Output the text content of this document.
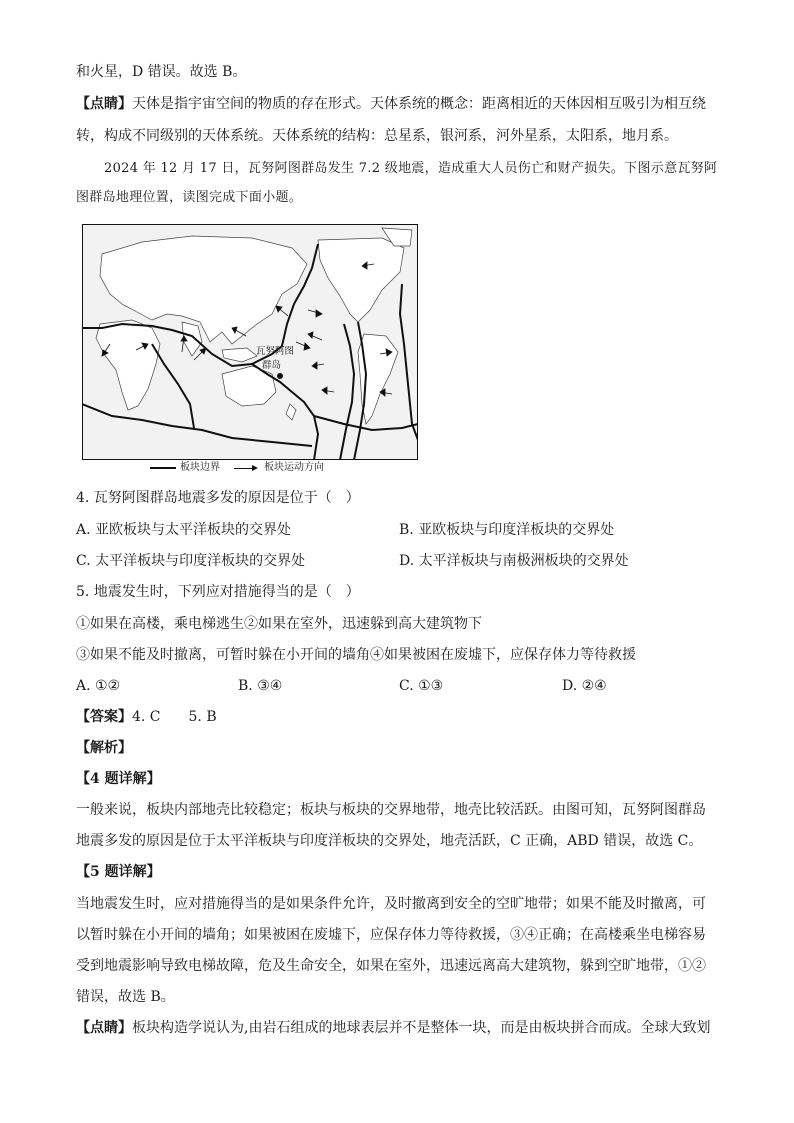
和火星，D 错误。故选 B。
【点睛】天体是指宇宙空间的物质的存在形式。天体系统的概念：距离相近的天体因相互吸引为相互绕
转，构成不同级别的天体系统。天体系统的结构：总星系，银河系，河外星系，太阳系，地月系。
2024 年 12 月 17 日，瓦努阿图群岛发生 7.2 级地震，造成重大人员伤亡和财产损失。下图示意瓦努阿
图群岛地理位置，读图完成下面小题。
瓦努阿图
群岛
板块边界	板块运动方向
4. 瓦努阿图群岛地震多发的原因是位于（　）
A. 亚欧板块与太平洋板块的交界处	B. 亚欧板块与印度洋板块的交界处
C. 太平洋板块与印度洋板块的交界处	D. 太平洋板块与南极洲板块的交界处
5. 地震发生时，下列应对措施得当的是（　）
①如果在高楼，乘电梯逃生②如果在室外，迅速躲到高大建筑物下
③如果不能及时撤离，可暂时躲在小开间的墙角④如果被困在废墟下，应保存体力等待救援
A. ①②	B. ③④	C. ①③	D. ②④
【答案】4. C　　5. B
【解析】
【4 题详解】
一般来说，板块内部地壳比较稳定；板块与板块的交界地带，地壳比较活跃。由图可知，瓦努阿图群岛
地震多发的原因是位于太平洋板块与印度洋板块的交界处，地壳活跃，C 正确，ABD 错误，故选 C。
【5 题详解】
当地震发生时，应对措施得当的是如果条件允许，及时撤离到安全的空旷地带；如果不能及时撤离，可
以暂时躲在小开间的墙角；如果被困在废墟下，应保存体力等待救援，③④正确；在高楼乘坐电梯容易
受到地震影响导致电梯故障，危及生命安全，如果在室外，迅速远离高大建筑物，躲到空旷地带，①②
错误，故选 B。
【点睛】板块构造学说认为,由岩石组成的地球表层并不是整体一块，而是由板块拼合而成。全球大致划
